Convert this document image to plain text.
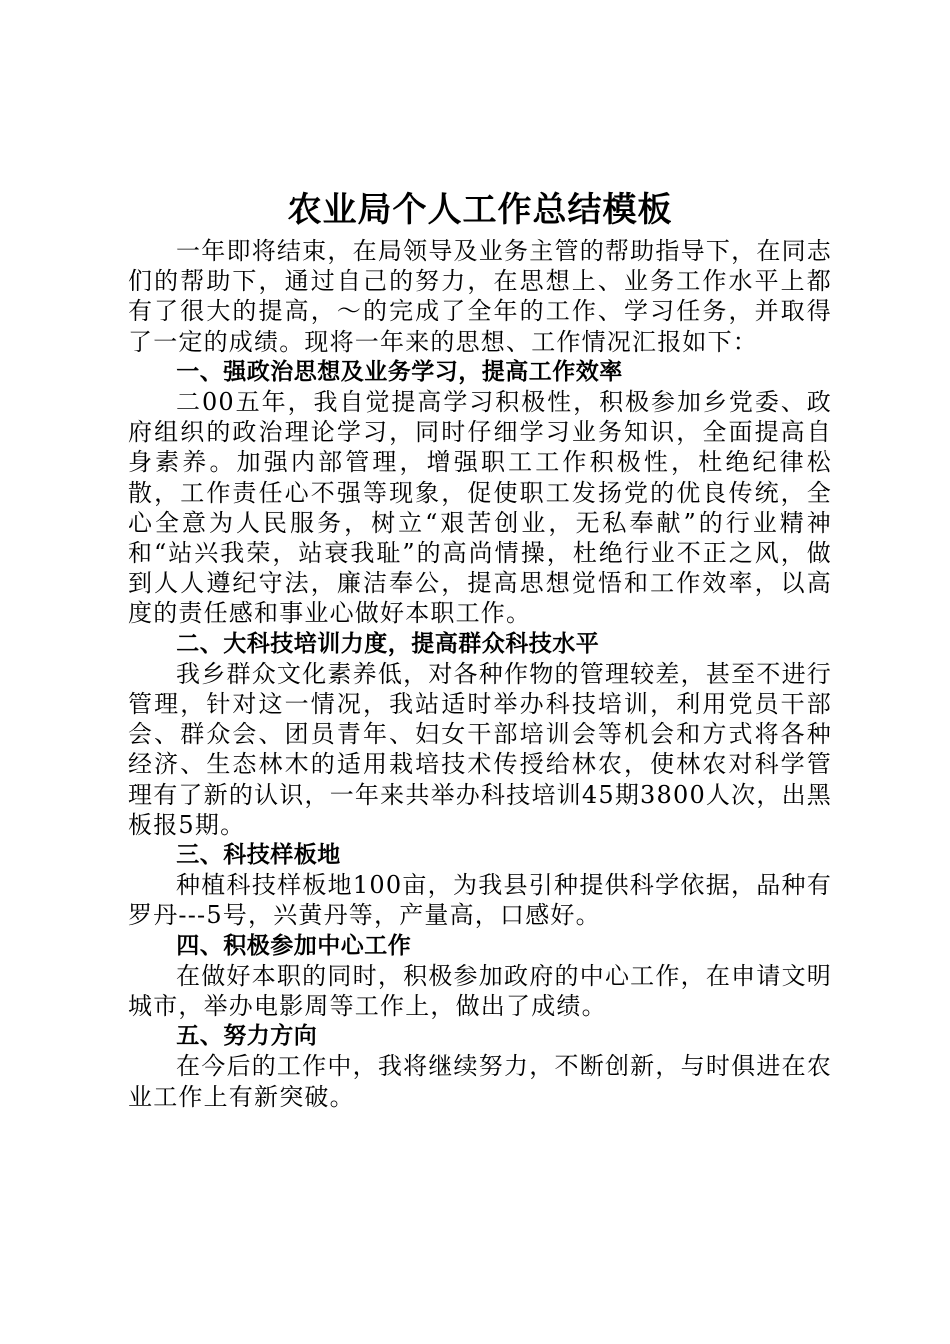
农业局个人工作总结模板

一年即将结束，在局领导及业务主管的帮助指导下，在同志们的帮助下，通过自己的努力，在思想上、业务工作水平上都有了很大的提高，～的完成了全年的工作、学习任务，并取得了一定的成绩。现将一年来的思想、工作情况汇报如下：

一、强政治思想及业务学习，提高工作效率

二00五年，我自觉提高学习积极性，积极参加乡党委、政府组织的政治理论学习，同时仔细学习业务知识，全面提高自身素养。加强内部管理，增强职工工作积极性，杜绝纪律松散，工作责任心不强等现象，促使职工发扬党的优良传统，全心全意为人民服务，树立“艰苦创业，无私奉献”的行业精神和“站兴我荣，站衰我耻”的高尚情操，杜绝行业不正之风，做到人人遵纪守法，廉洁奉公，提高思想觉悟和工作效率，以高度的责任感和事业心做好本职工作。

二、大科技培训力度，提高群众科技水平

我乡群众文化素养低，对各种作物的管理较差，甚至不进行管理，针对这一情况，我站适时举办科技培训，利用党员干部会、群众会、团员青年、妇女干部培训会等机会和方式将各种经济、生态林木的适用栽培技术传授给林农，使林农对科学管理有了新的认识，一年来共举办科技培训45期3800人次，出黑板报5期。

三、科技样板地

种植科技样板地100亩，为我县引种提供科学依据，品种有罗丹---5号，兴黄丹等，产量高，口感好。

四、积极参加中心工作

在做好本职的同时，积极参加政府的中心工作，在申请文明城市，举办电影周等工作上，做出了成绩。

五、努力方向

在今后的工作中，我将继续努力，不断创新，与时俱进在农业工作上有新突破。
